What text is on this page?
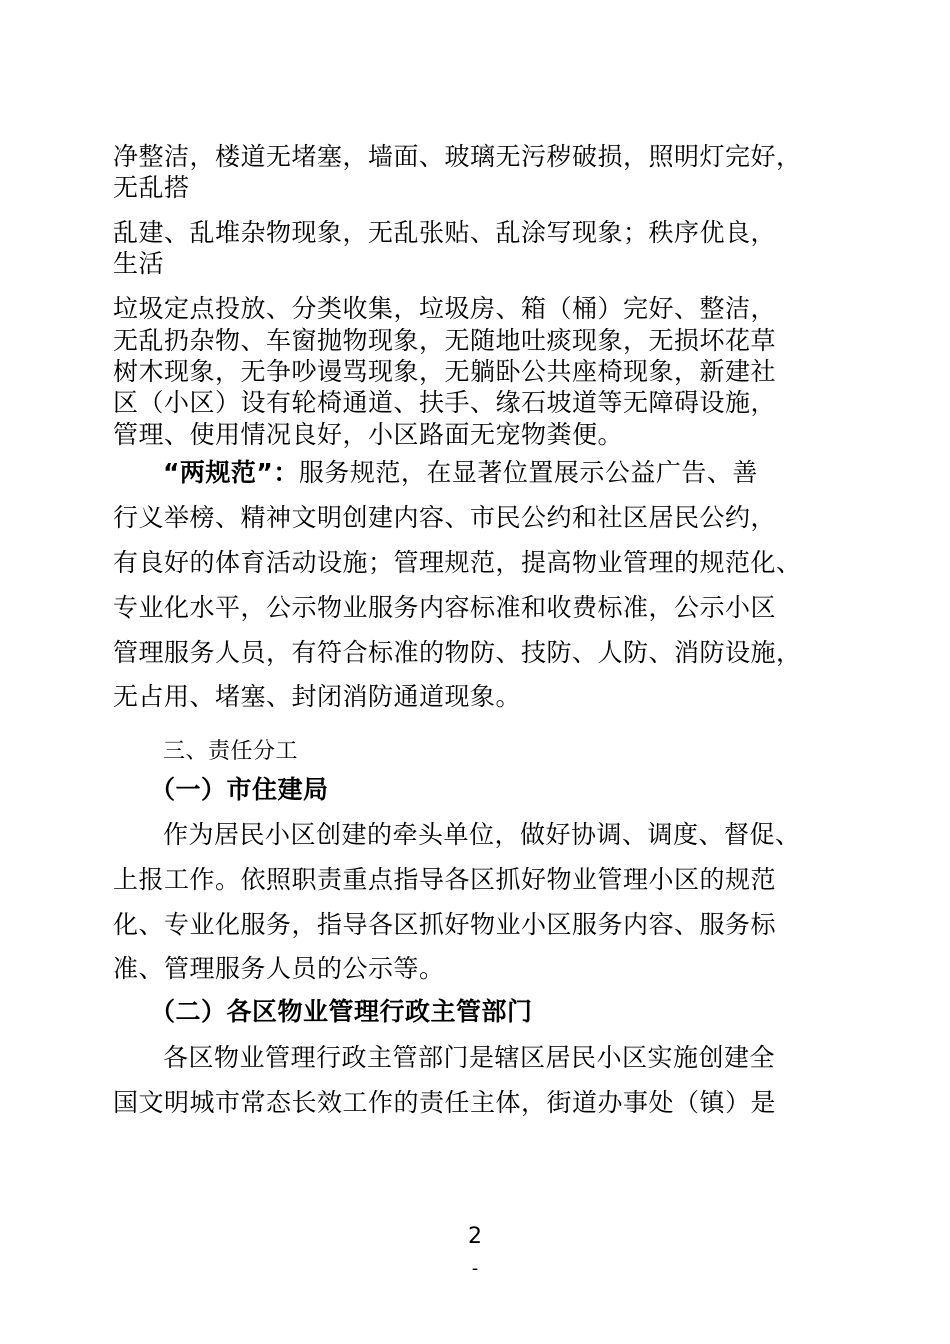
净整洁，楼道无堵塞，墙面、玻璃无污秽破损，照明灯完好，
无乱搭
乱建、乱堆杂物现象，无乱张贴、乱涂写现象；秩序优良，
生活
垃圾定点投放、分类收集，垃圾房、箱（桶）完好、整洁，
无乱扔杂物、车窗抛物现象，无随地吐痰现象，无损坏花草
树木现象，无争吵谩骂现象，无躺卧公共座椅现象，新建社
区（小区）设有轮椅通道、扶手、缘石坡道等无障碍设施，
管理、使用情况良好，小区路面无宠物粪便。
“两规范”：服务规范，在显著位置展示公益广告、善
行义举榜、精神文明创建内容、市民公约和社区居民公约，
有良好的体育活动设施；管理规范，提高物业管理的规范化、
专业化水平，公示物业服务内容标准和收费标准，公示小区
管理服务人员，有符合标准的物防、技防、人防、消防设施，
无占用、堵塞、封闭消防通道现象。
三、责任分工
（一）市住建局
作为居民小区创建的牵头单位，做好协调、调度、督促、
上报工作。依照职责重点指导各区抓好物业管理小区的规范
化、专业化服务，指导各区抓好物业小区服务内容、服务标
准、管理服务人员的公示等。
（二）各区物业管理行政主管部门
各区物业管理行政主管部门是辖区居民小区实施创建全
国文明城市常态长效工作的责任主体，街道办事处（镇）是
2
-
